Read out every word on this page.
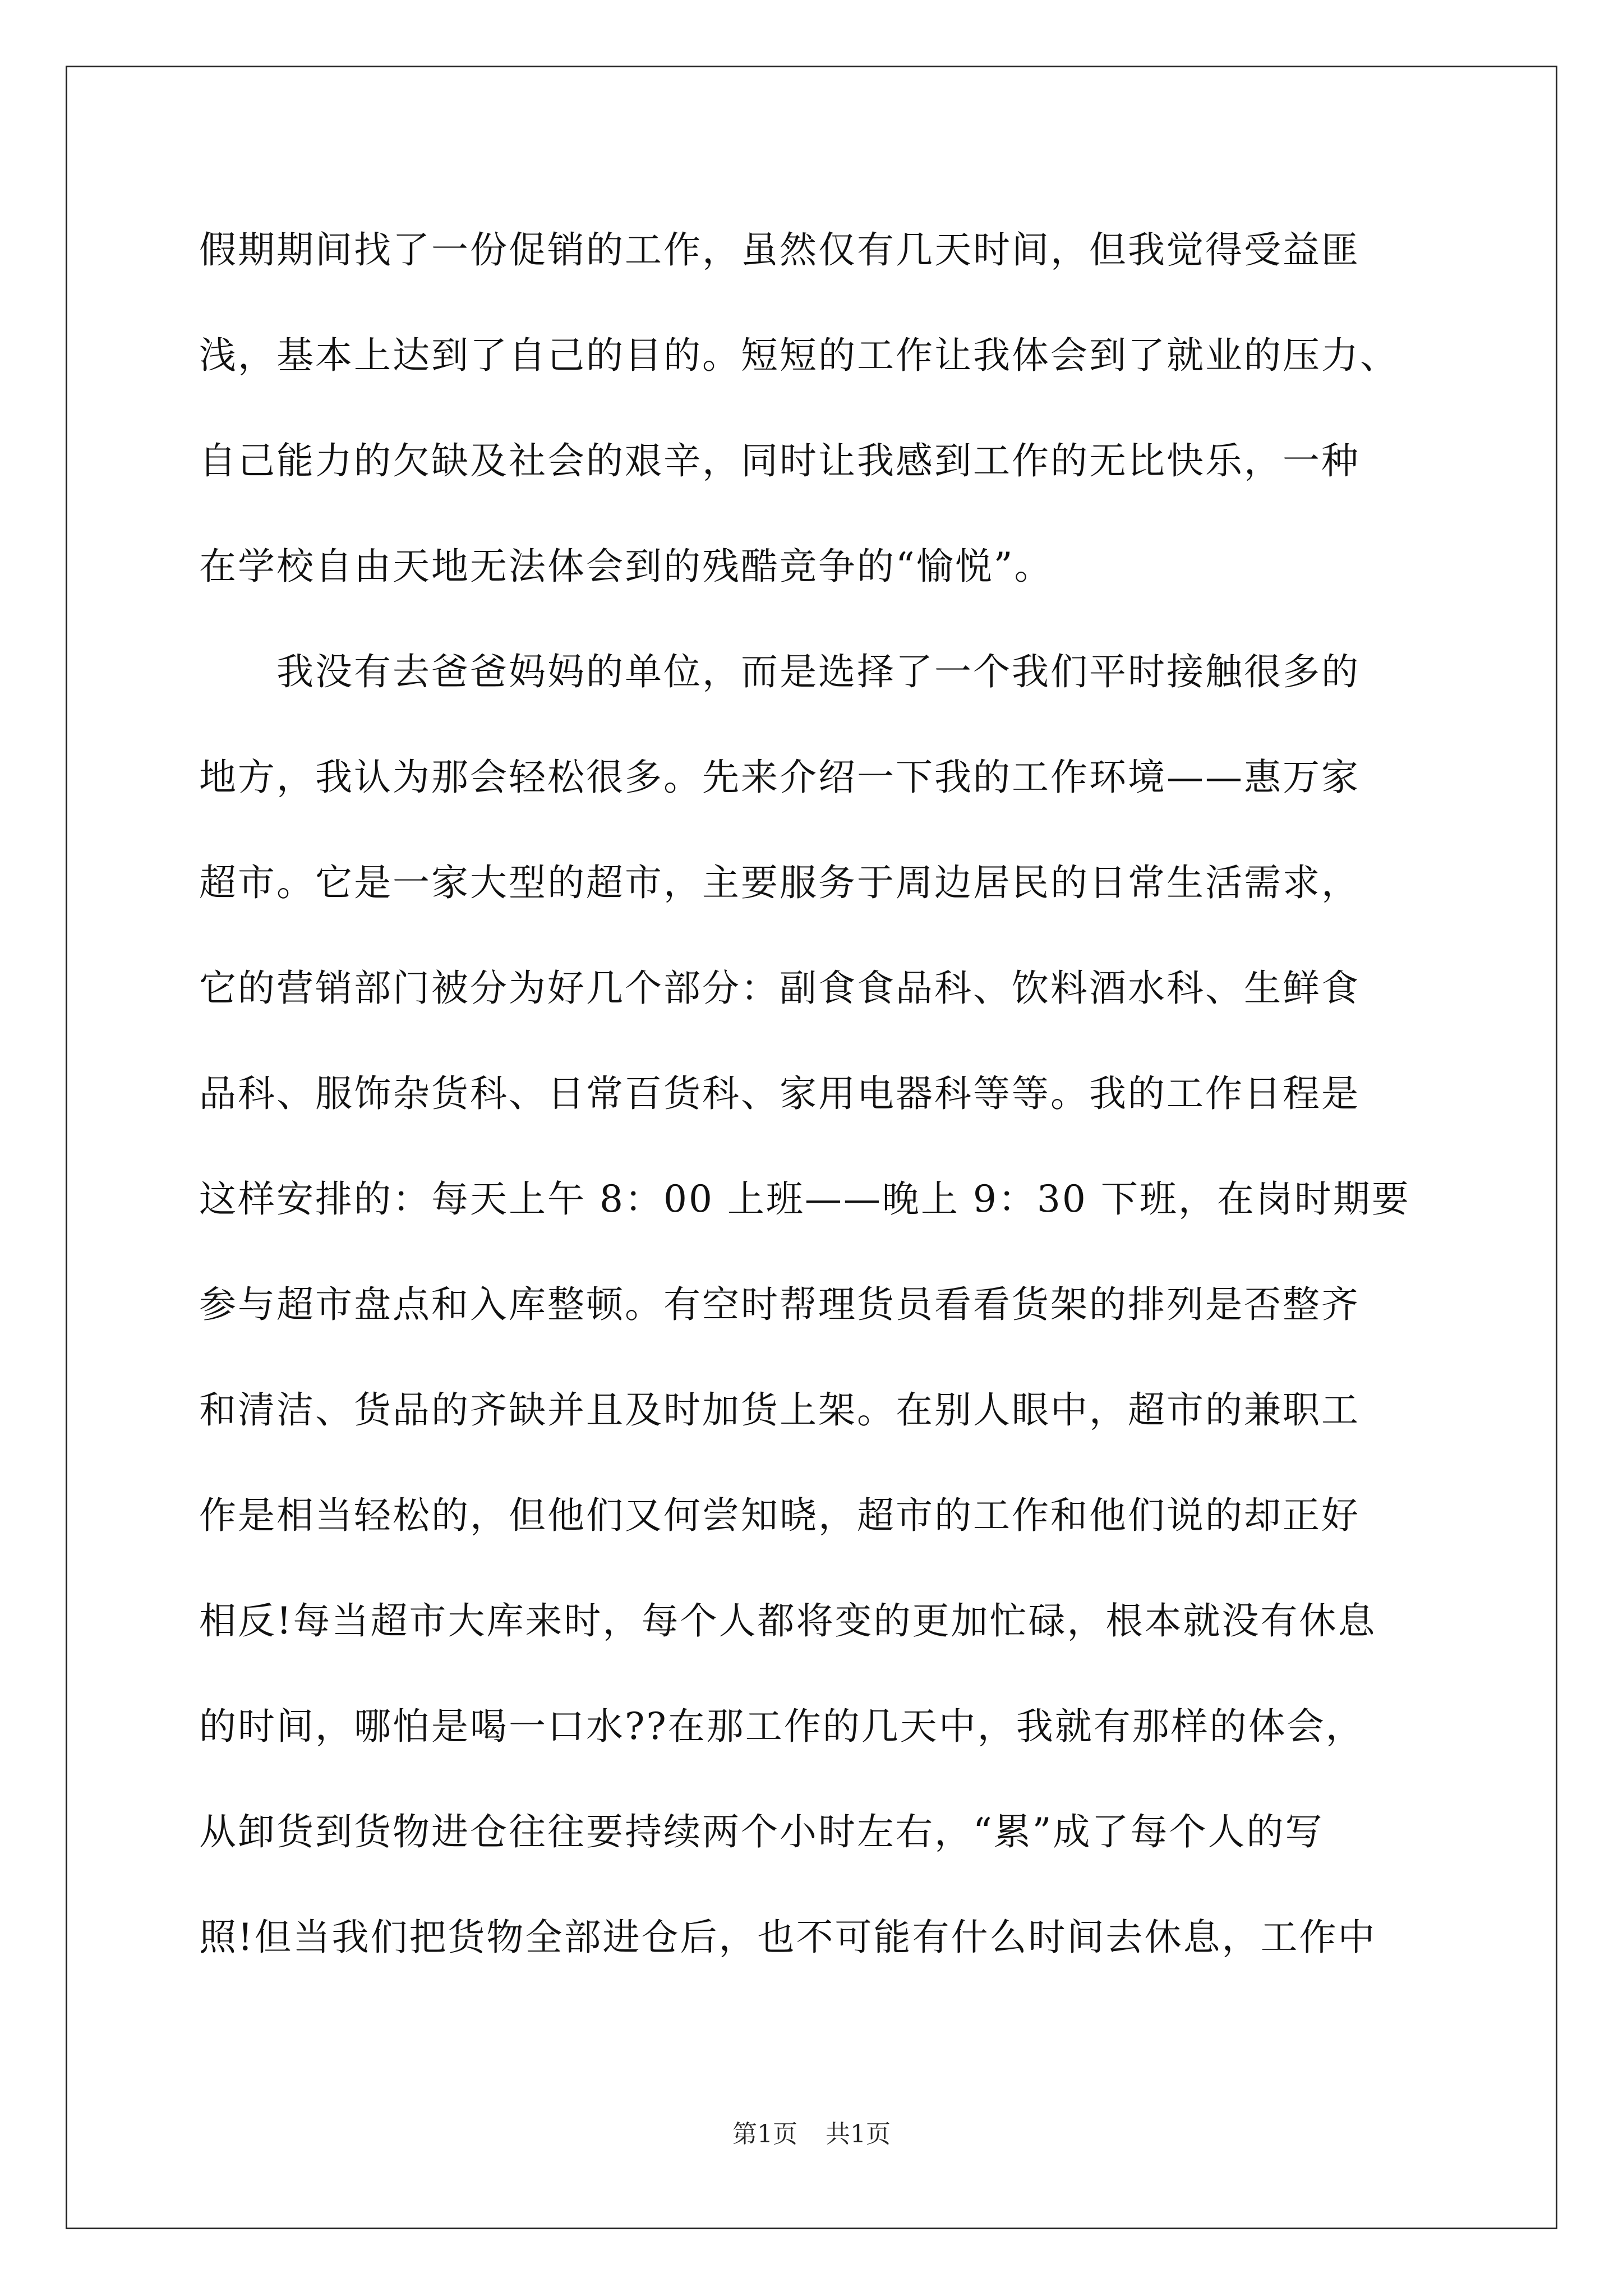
假期期间找了一份促销的工作，虽然仅有几天时间，但我觉得受益匪
浅，基本上达到了自己的目的。短短的工作让我体会到了就业的压力、
自己能力的欠缺及社会的艰辛，同时让我感到工作的无比快乐，一种
在学校自由天地无法体会到的残酷竞争的“愉悦”。
　　我没有去爸爸妈妈的单位，而是选择了一个我们平时接触很多的
地方，我认为那会轻松很多。先来介绍一下我的工作环境——惠万家
超市。它是一家大型的超市，主要服务于周边居民的日常生活需求，
它的营销部门被分为好几个部分：副食食品科、饮料酒水科、生鲜食
品科、服饰杂货科、日常百货科、家用电器科等等。我的工作日程是
这样安排的：每天上午 8：00 上班——晚上 9：30 下班，在岗时期要
参与超市盘点和入库整顿。有空时帮理货员看看货架的排列是否整齐
和清洁、货品的齐缺并且及时加货上架。在别人眼中，超市的兼职工
作是相当轻松的，但他们又何尝知晓，超市的工作和他们说的却正好
相反!每当超市大库来时，每个人都将变的更加忙碌，根本就没有休息
的时间，哪怕是喝一口水??在那工作的几天中，我就有那样的体会，
从卸货到货物进仓往往要持续两个小时左右，“累”成了每个人的写
照!但当我们把货物全部进仓后，也不可能有什么时间去休息，工作中
第1页 共1页
